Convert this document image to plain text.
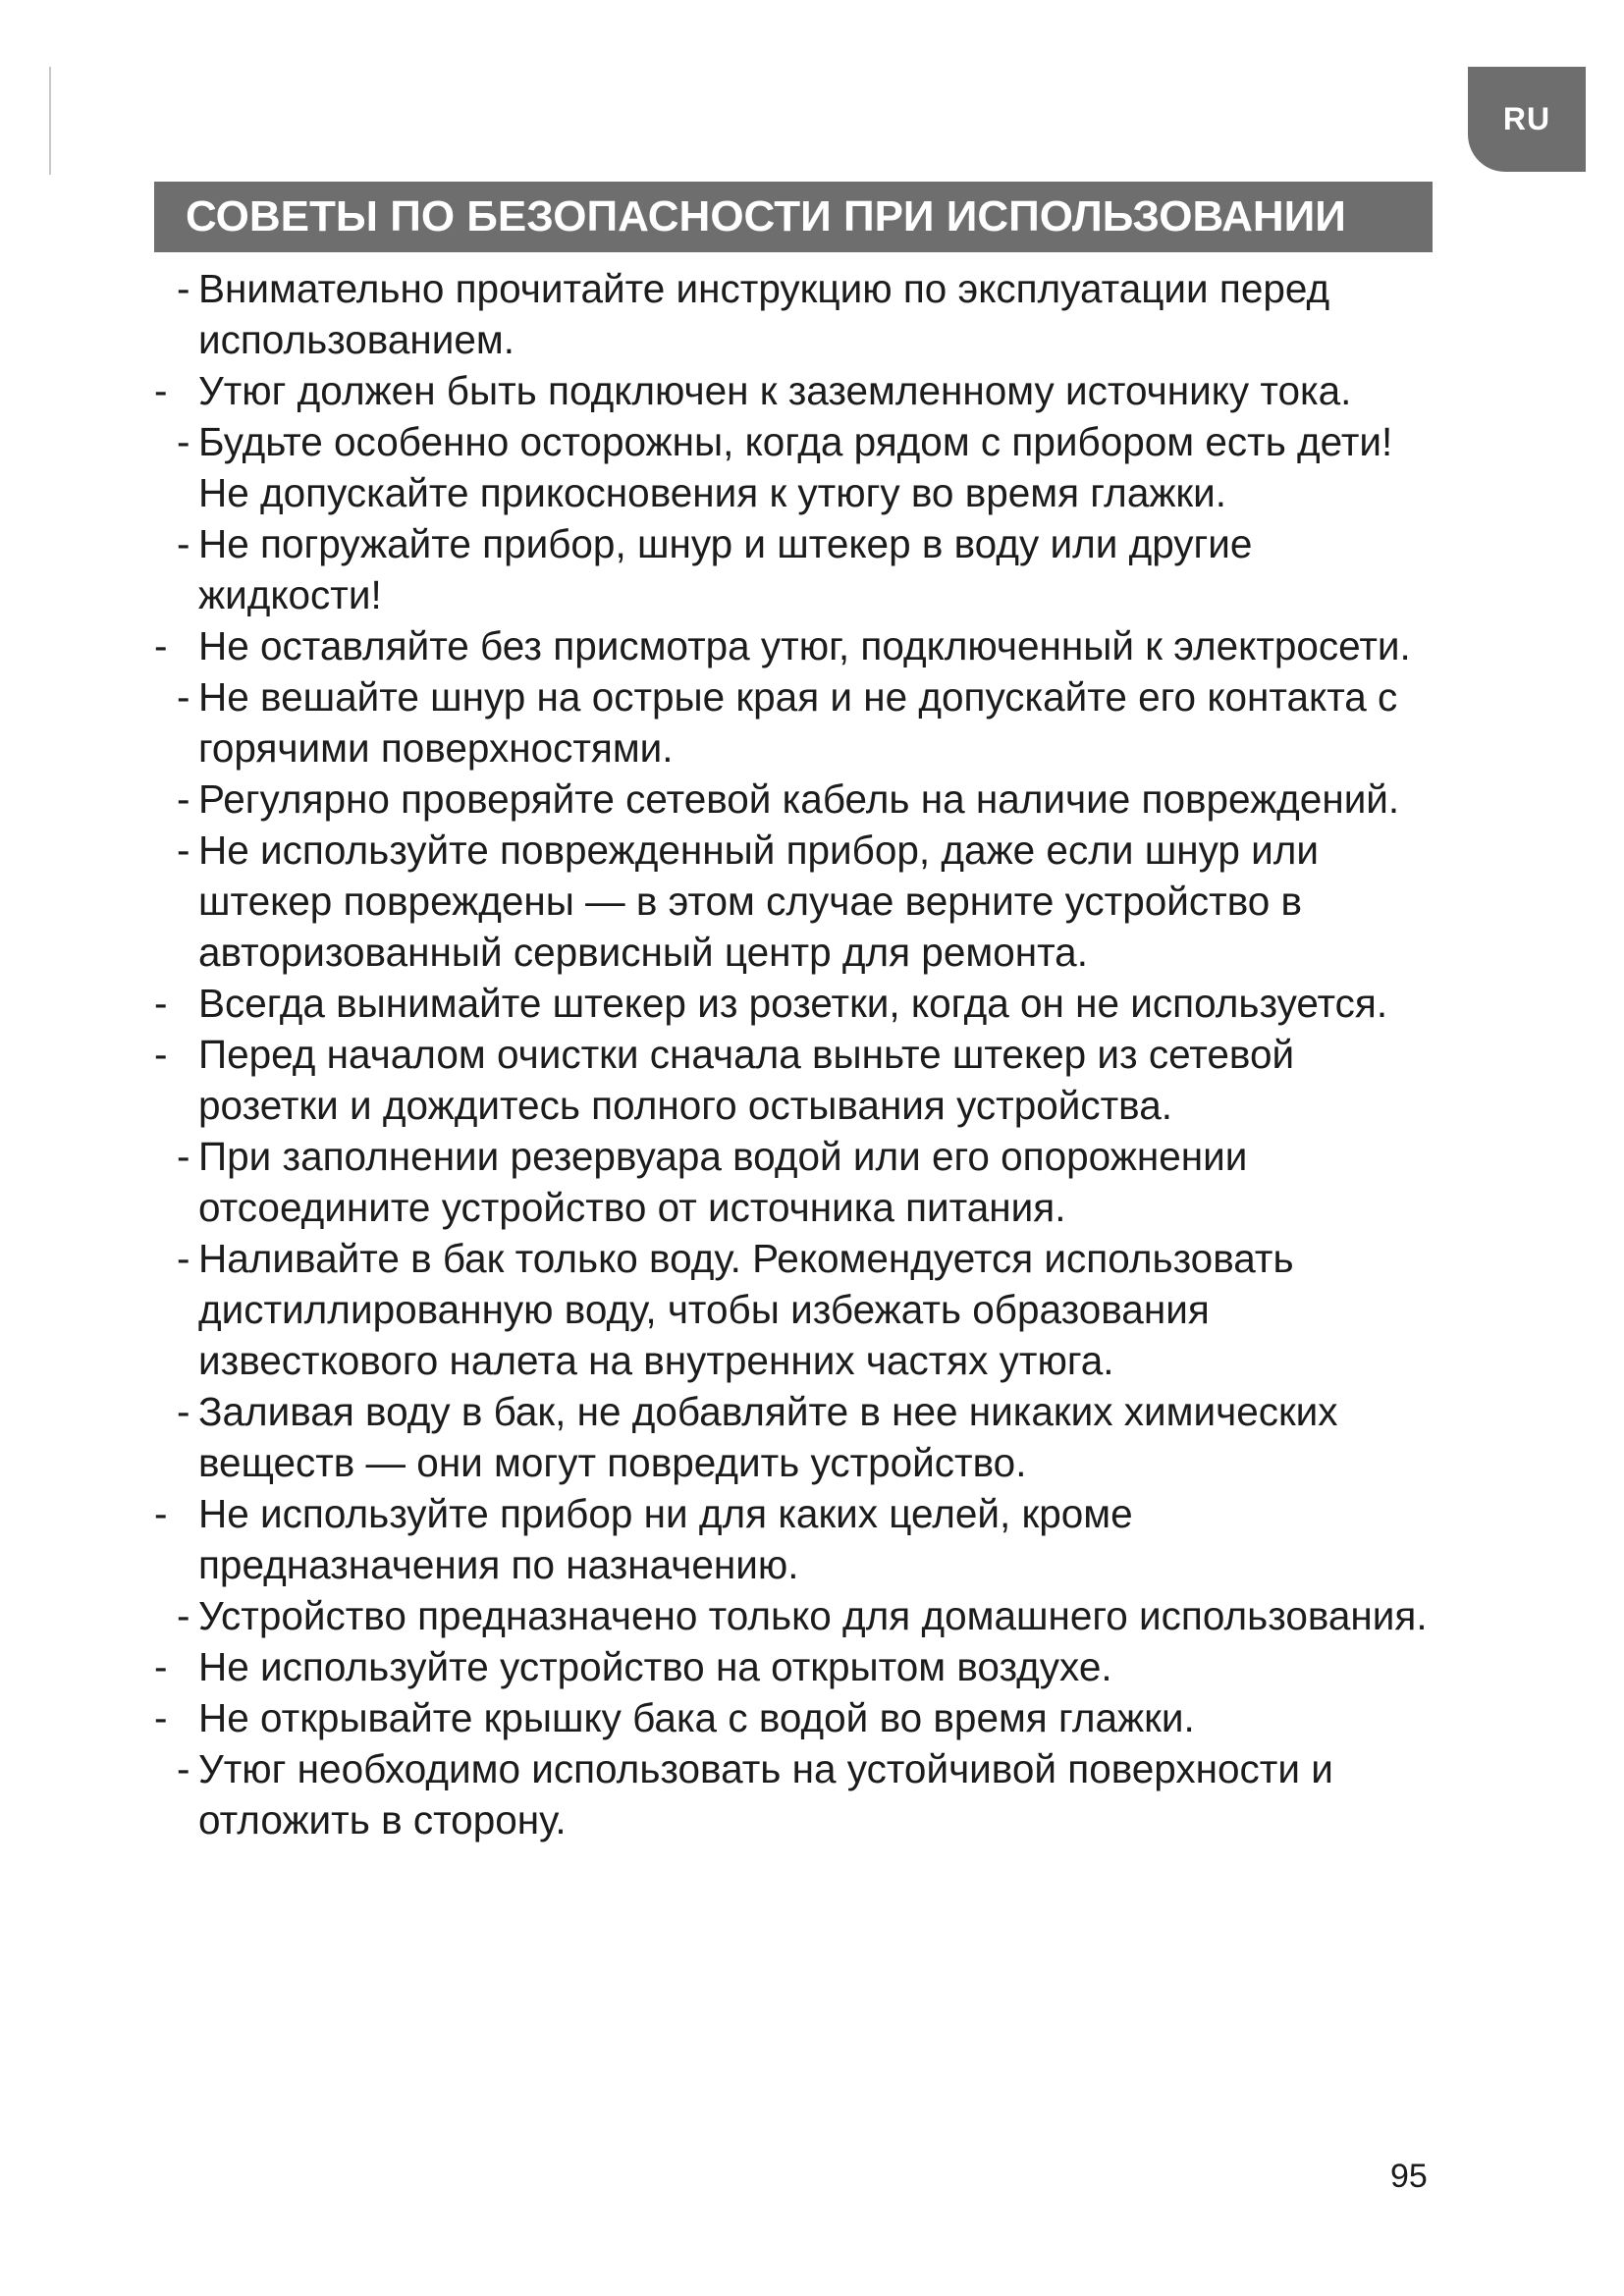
RU
СОВЕТЫ ПО БЕЗОПАСНОСТИ ПРИ ИСПОЛЬЗОВАНИИ
- Внимательно прочитайте инструкцию по эксплуатации перед использованием.
- Утюг должен быть подключен к заземленному источнику тока.
- Будьте особенно осторожны, когда рядом с прибором есть дети! Не допускайте прикосновения к утюгу во время глажки.
- Не погружайте прибор, шнур и штекер в воду или другие жидкости!
- Не оставляйте без присмотра утюг, подключенный к электросети.
- Не вешайте шнур на острые края и не допускайте его контакта с горячими поверхностями.
- Регулярно проверяйте сетевой кабель на наличие повреждений.
- Не используйте поврежденный прибор, даже если шнур или штекер повреждены — в этом случае верните устройство в авторизованный сервисный центр для ремонта.
- Всегда вынимайте штекер из розетки, когда он не используется.
- Перед началом очистки сначала выньте штекер из сетевой розетки и дождитесь полного остывания устройства.
- При заполнении резервуара водой или его опорожнении отсоедините устройство от источника питания.
- Наливайте в бак только воду. Рекомендуется использовать дистиллированную воду, чтобы избежать образования известкового налета на внутренних частях утюга.
- Заливая воду в бак, не добавляйте в нее никаких химических веществ — они могут повредить устройство.
- Не используйте прибор ни для каких целей, кроме предназначения по назначению.
- Устройство предназначено только для домашнего использования.
- Не используйте устройство на открытом воздухе.
- Не открывайте крышку бака с водой во время глажки.
- Утюг необходимо использовать на устойчивой поверхности и отложить в сторону.
95
